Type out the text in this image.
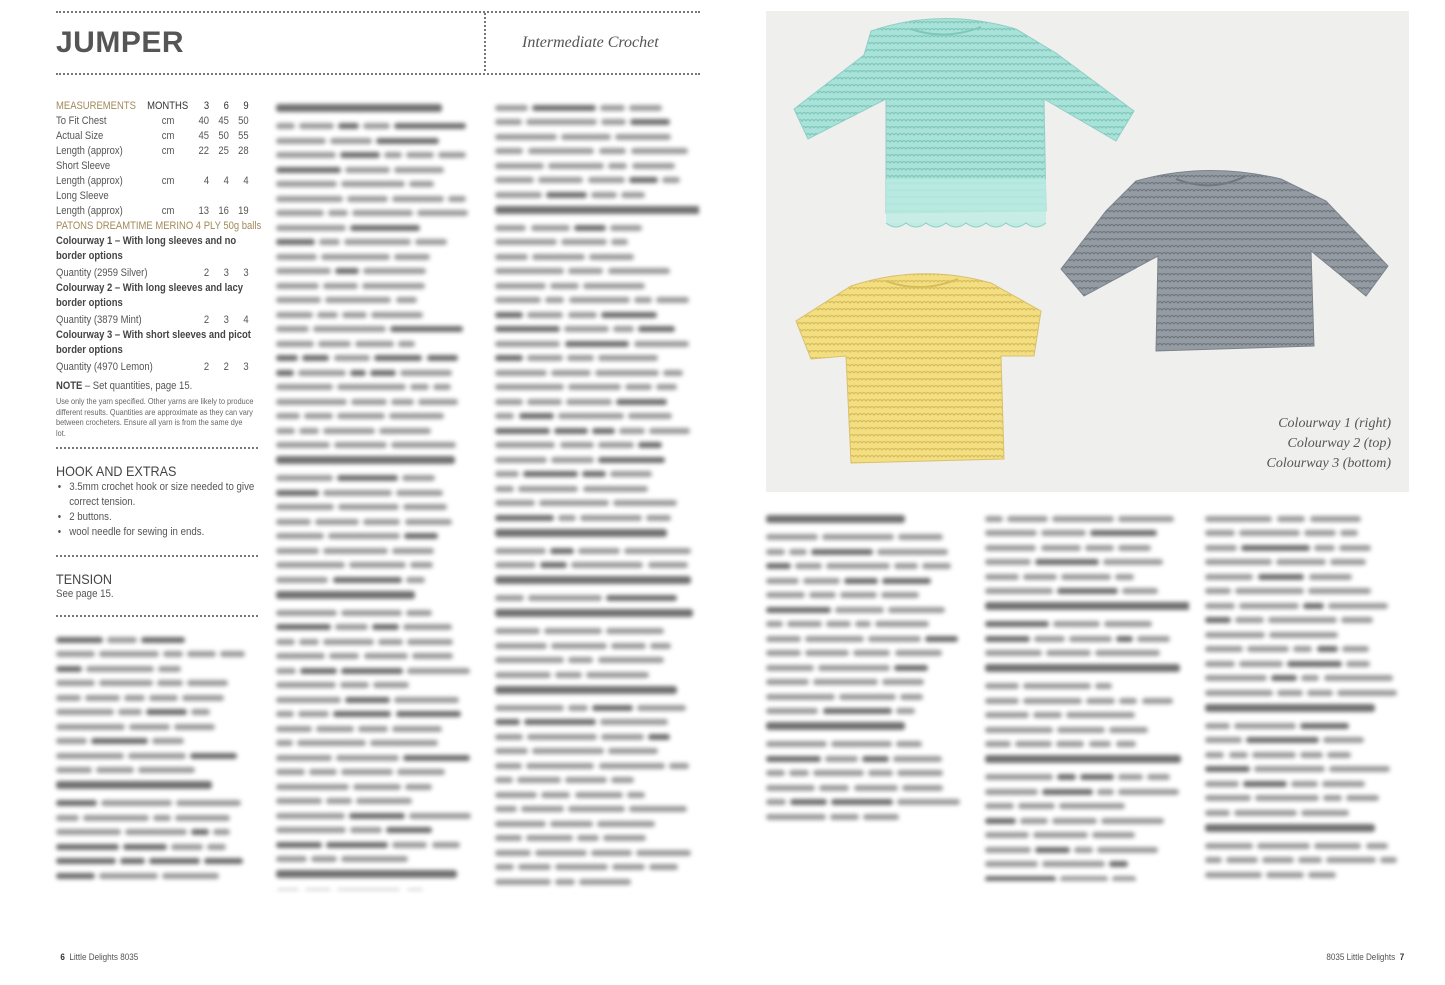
JUMPER	Intermediate Crochet
MEASUREMENTS MONTHS	3	6	9
To Fit Chest	cm	40 45 50
Actual Size	cm	45 50 55
Length (approx)	cm	22 25 28
Short Sleeve
Length (approx)	cm	4	4	4
Long Sleeve
Length (approx)	cm	13 16 19
PATONS DREAMTIME MERINO 4 PLY 50g balls
Colourway 1 – With long sleeves and no border options
Quantity (2959 Silver)	2	3	3
Colourway 2 – With long sleeves and lacy border options
Quantity (3879 Mint)	2	3	4
Colourway 3 – With short sleeves and picot border options
Quantity (4970 Lemon)	2	2	3
NOTE – Set quantities, page 15.
Use only the yarn specified. Other yarns are likely to produce different results. Quantities are approximate as they can vary between crocheters. Ensure all yarn is from the same dye lot.
HOOK AND EXTRAS
• 3.5mm crochet hook or size needed to give correct tension.
• 2 buttons.
• wool needle for sewing in ends.
TENSION
See page 15.
Colourway 1 (right)
Colourway 2 (top)
Colourway 3 (bottom)
6 Little Delights 8035	8035 Little Delights 7
